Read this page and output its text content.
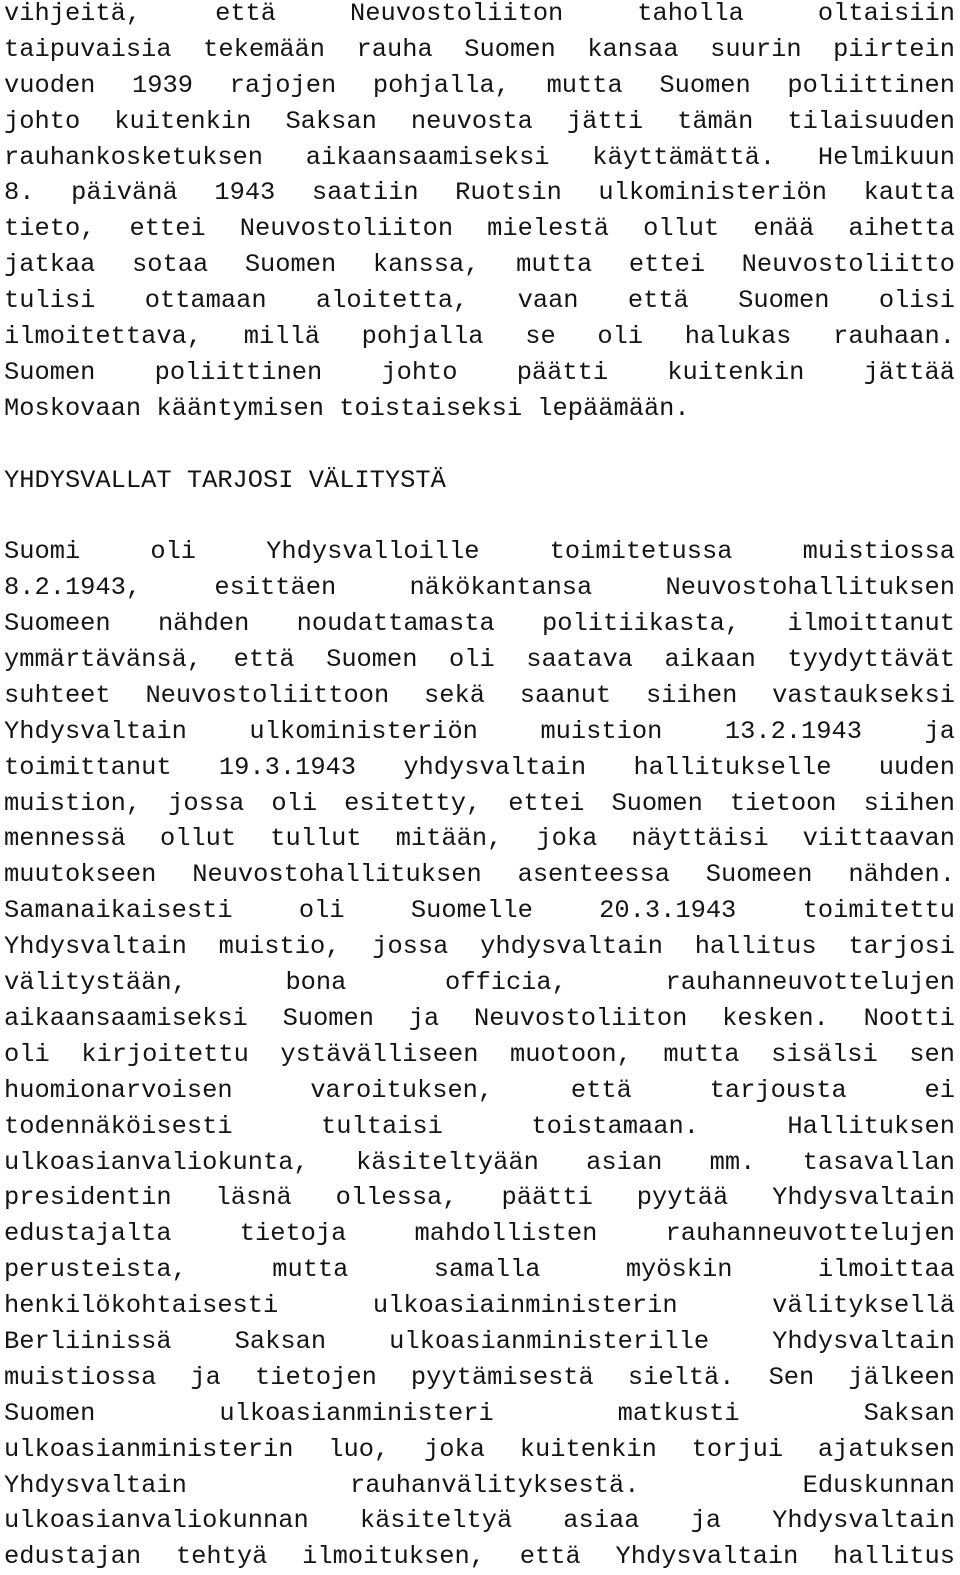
vihjeitä, että Neuvostoliiton taholla oltaisiin
taipuvaisia tekemään rauha Suomen kansaa suurin piirtein
vuoden 1939 rajojen pohjalla, mutta Suomen poliittinen
johto kuitenkin Saksan neuvosta jätti tämän tilaisuuden
rauhankosketuksen aikaansaamiseksi käyttämättä. Helmikuun
8. päivänä 1943 saatiin Ruotsin ulkoministeriön kautta
tieto, ettei Neuvostoliiton mielestä ollut enää aihetta
jatkaa sotaa Suomen kanssa, mutta ettei Neuvostoliitto
tulisi ottamaan aloitetta, vaan että Suomen olisi
ilmoitettava, millä pohjalla se oli halukas rauhaan.
Suomen poliittinen johto päätti kuitenkin jättää
Moskovaan kääntymisen toistaiseksi lepäämään.
YHDYSVALLAT TARJOSI VÄLITYSTÄ
Suomi oli Yhdysvalloille toimitetussa muistiossa
8.2.1943, esittäen näkökantansa Neuvostohallituksen
Suomeen nähden noudattamasta politiikasta, ilmoittanut
ymmärtävänsä, että Suomen oli saatava aikaan tyydyttävät
suhteet Neuvostoliittoon sekä saanut siihen vastaukseksi
Yhdysvaltain ulkoministeriön muistion 13.2.1943 ja
toimittanut 19.3.1943 yhdysvaltain hallitukselle uuden
muistion, jossa oli esitetty, ettei Suomen tietoon siihen
mennessä ollut tullut mitään, joka näyttäisi viittaavan
muutokseen Neuvostohallituksen asenteessa Suomeen nähden.
Samanaikaisesti oli Suomelle 20.3.1943 toimitettu
Yhdysvaltain muistio, jossa yhdysvaltain hallitus tarjosi
välitystään, bona officia, rauhanneuvottelujen
aikaansaamiseksi Suomen ja Neuvostoliiton kesken. Nootti
oli kirjoitettu ystävälliseen muotoon, mutta sisälsi sen
huomionarvoisen varoituksen, että tarjousta ei
todennäköisesti tultaisi toistamaan. Hallituksen
ulkoasianvaliokunta, käsiteltyään asian mm. tasavallan
presidentin läsnä ollessa, päätti pyytää Yhdysvaltain
edustajalta tietoja mahdollisten rauhanneuvottelujen
perusteista, mutta samalla myöskin ilmoittaa
henkilökohtaisesti ulkoasiainministerin välityksellä
Berliinissä Saksan ulkoasianministerille Yhdysvaltain
muistiossa ja tietojen pyytämisestä sieltä. Sen jälkeen
Suomen ulkoasianministeri matkusti Saksan
ulkoasianministerin luo, joka kuitenkin torjui ajatuksen
Yhdysvaltain rauhanvälityksestä. Eduskunnan
ulkoasianvaliokunnan käsiteltyä asiaa ja Yhdysvaltain
edustajan tehtyä ilmoituksen, että Yhdysvaltain hallitus
